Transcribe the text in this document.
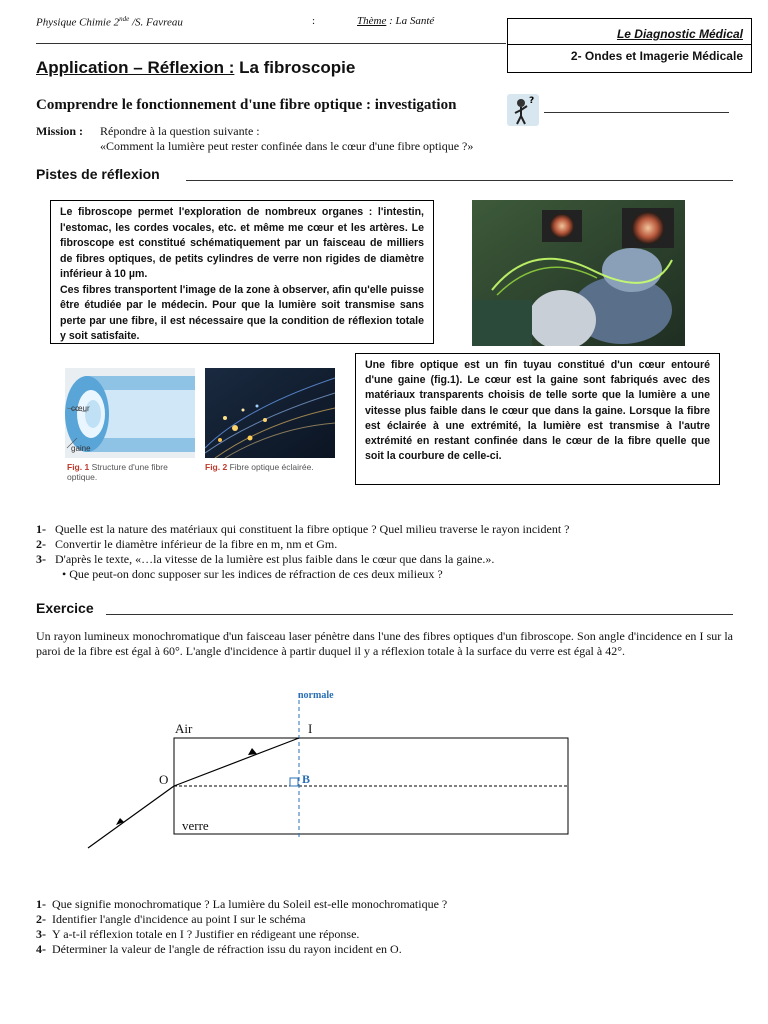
Physique Chimie 2nde /S. Favreau	:	Thème : La Santé
Le Diagnostic Médical
2- Ondes et Imagerie Médicale
Application – Réflexion : La fibroscopie
Comprendre le fonctionnement d'une fibre optique : investigation	?
Mission : Répondre à la question suivante :
«Comment la lumière peut rester confinée dans le cœur d'une fibre optique ?»
Pistes de réflexion

Le fibroscope permet l'exploration de nombreux organes : l'intestin, l'estomac, les cordes vocales, etc. et même me cœur et les artères. Le fibroscope est constitué schématiquement par un faisceau de milliers de fibres optiques, de petits cylindres de verre non rigides de diamètre inférieur à 10 µm.

Ces fibres transportent l'image de la zone à observer, afin qu'elle puisse être étudiée par le médecin. Pour que la lumière soit transmise sans perte par une fibre, il est nécessaire que la condition de réflexion totale y soit satisfaite.

cœur
gaine
Fig. 1 Structure d'une fibre optique.
Fig. 2 Fibre optique éclairée.

Une fibre optique est un fin tuyau constitué d'un cœur entouré d'une gaine (fig.1). Le cœur est la gaine sont fabriqués avec des matériaux transparents choisis de telle sorte que la lumière a une vitesse plus faible dans le cœur que dans la gaine. Lorsque la fibre est éclairée à une extrémité, la lumière est transmise à l'autre extrémité en restant confinée dans le cœur de la fibre quelle que soit la courbure de celle-ci.

1- Quelle est la nature des matériaux qui constituent la fibre optique ? Quel milieu traverse le rayon incident ?
2- Convertir le diamètre inférieur de la fibre en m, nm et Gm.
3- D'après le texte, «…la vitesse de la lumière est plus faible dans le cœur que dans la gaine.».
• Que peut-on donc supposer sur les indices de réfraction de ces deux milieux ?
Exercice
Un rayon lumineux monochromatique d'un faisceau laser pénètre dans l'une des fibres optiques d'un fibroscope. Son angle d'incidence en I sur la paroi de la fibre est égal à 60°. L'angle d'incidence à partir duquel il y a réflexion totale à la surface du verre est égal à 42°.
normale
Air	I
O	B
verre
1- Que signifie monochromatique ? La lumière du Soleil est-elle monochromatique ?
2- Identifier l'angle d'incidence au point I sur le schéma
3- Y a-t-il réflexion totale en I ? Justifier en rédigeant une réponse.
4- Déterminer la valeur de l'angle de réfraction issu du rayon incident en O.
